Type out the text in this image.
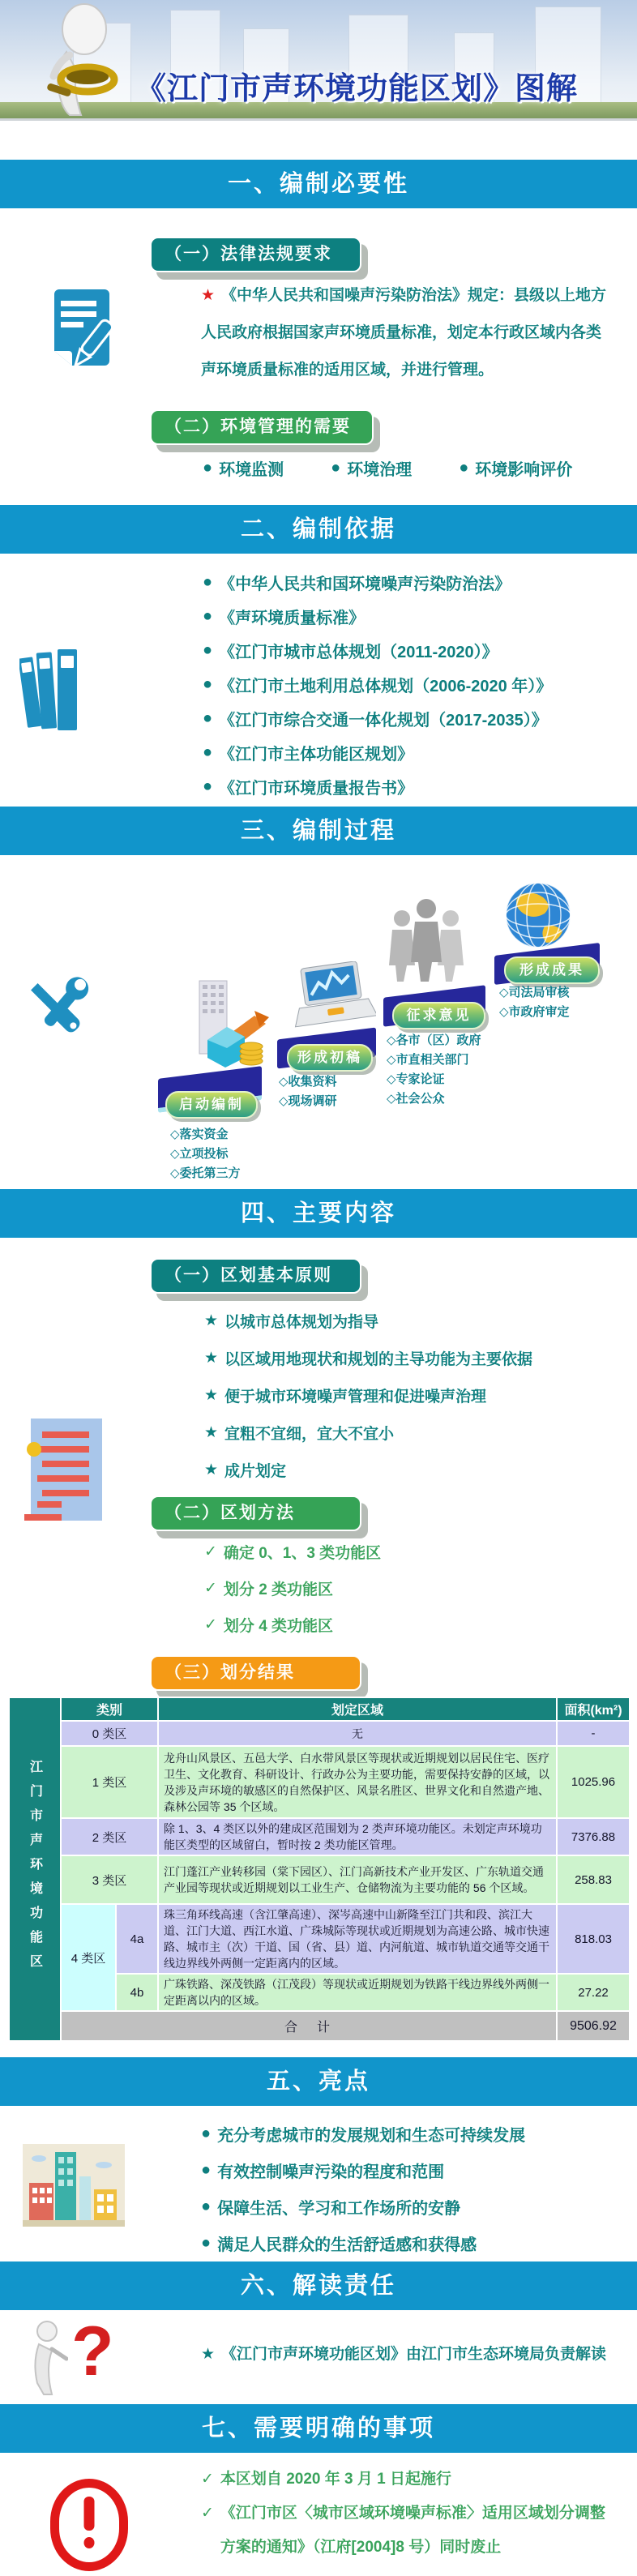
《江门市声环境功能区划》图解
一、编制必要性
（一）法律法规要求
★ 《中华人民共和国噪声污染防治法》规定：县级以上地方人民政府根据国家声环境质量标准，划定本行政区域内各类声环境质量标准的适用区域，并进行管理。
（二）环境管理的需要
● 环境监测	● 环境治理	● 环境影响评价
二、编制依据
● 《中华人民共和国环境噪声污染防治法》
● 《声环境质量标准》
● 《江门市城市总体规划（2011-2020）》
● 《江门市土地利用总体规划（2006-2020 年）》
● 《江门市综合交通一体化规划（2017-2035）》
● 《江门市主体功能区规划》
● 《江门市环境质量报告书》
三、编制过程
启动编制
形成初稿
征求意见
形成成果
◇落实资金
◇立项投标
◇委托第三方
◇收集资料
◇现场调研
◇各市（区）政府
◇市直相关部门
◇专家论证
◇社会公众
◇司法局审核
◇市政府审定
四、主要内容
（一）区划基本原则
★ 以城市总体规划为指导
★ 以区域用地现状和规划的主导功能为主要依据
★ 便于城市环境噪声管理和促进噪声治理
★ 宜粗不宜细，宜大不宜小
★ 成片划定
（二）区划方法
✓ 确定 0、1、3 类功能区
✓ 划分 2 类功能区
✓ 划分 4 类功能区
（三）划分结果
江门市声环境功能区	类别		划定区域	面积(km²)
	0 类区		无	-
	1 类区		龙舟山风景区、五邑大学、白水带风景区等现状或近期规划以居民住宅、医疗卫生、文化教育、科研设计、行政办公为主要功能，需要保持安静的区域，以及涉及声环境的敏感区的自然保护区、风景名胜区、世界文化和自然遗产地、森林公园等 35 个区域。	1025.96
	2 类区		除 1、3、4 类区以外的建成区范围划为 2 类声环境功能区。未划定声环境功能区类型的区域留白，暂时按 2 类功能区管理。	7376.88
	3 类区		江门蓬江产业转移园（棠下园区）、江门高新技术产业开发区、广东轨道交通产业园等现状或近期规划以工业生产、仓储物流为主要功能的 56 个区域。	258.83
	4 类区	4a	珠三角环线高速（含江肇高速）、深岑高速中山新隆至江门共和段、滨江大道、江门大道、西江水道、广珠城际等现状或近期规划为高速公路、城市快速路、城市主（次）干道、国（省、县）道、内河航道、城市轨道交通等交通干线边界线外两侧一定距离内的区域。	818.03
		4b	广珠铁路、深茂铁路（江茂段）等现状或近期规划为铁路干线边界线外两侧一定距离以内的区域。	27.22
	合　计			9506.92
五、亮点
● 充分考虑城市的发展规划和生态可持续发展
● 有效控制噪声污染的程度和范围
● 保障生活、学习和工作场所的安静
● 满足人民群众的生活舒适感和获得感
六、解读责任
?	★ 《江门市声环境功能区划》由江门市生态环境局负责解读
七、需要明确的事项
✓ 本区划自 2020 年 3 月 1 日起施行
✓ 《江门市区〈城市区域环境噪声标准〉适用区域划分调整方案的通知》（江府[2004]8 号）同时废止
